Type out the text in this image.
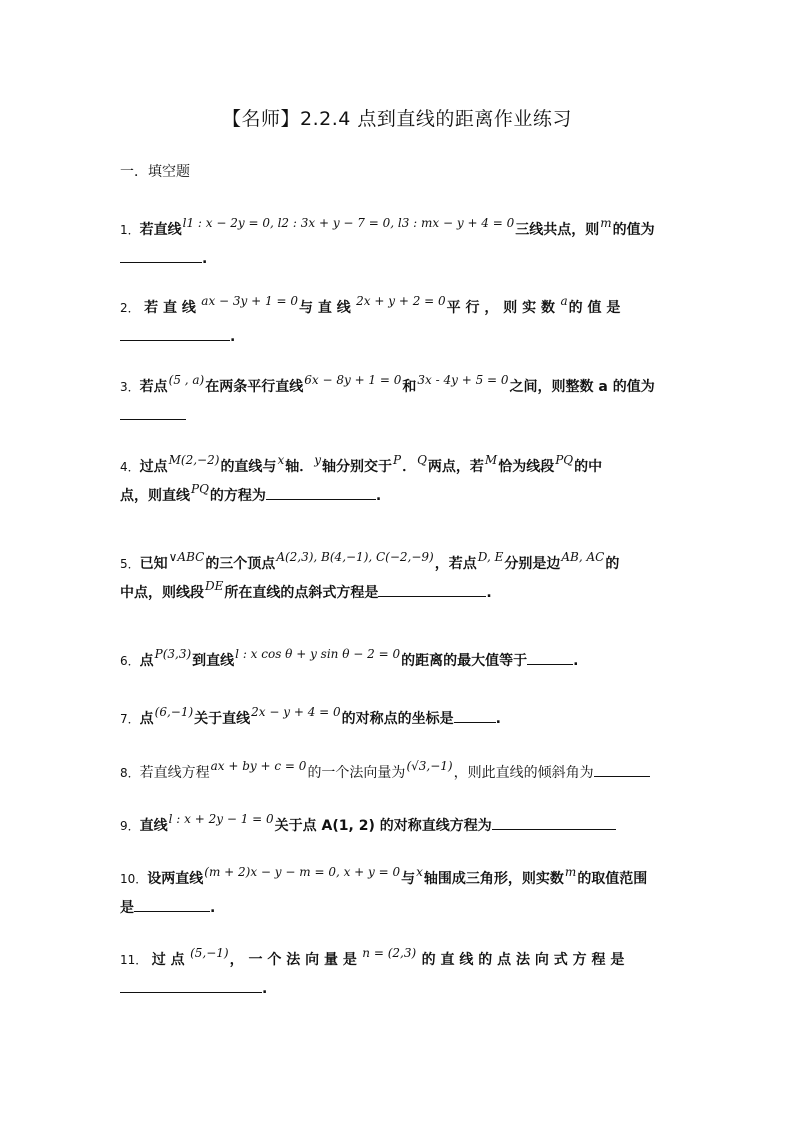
【名师】2.2.4 点到直线的距离作业练习
一．填空题
1．若直线l1 : x − 2y = 0, l2 : 3x + y − 7 = 0, l3 : mx − y + 4 = 0三线共点，则m的值为
.
2． 若 直 线 ax − 3y + 1 = 0与 直 线 2x + y + 2 = 0平 行 ， 则 实 数 a的 值 是
.
3．若点(5 , a)在两条平行直线6x − 8y + 1 = 0和3x - 4y + 5 = 0之间，则整数 a 的值为
4．过点M(2,−2)的直线与x轴．y轴分别交于P．Q两点，若M恰为线段PQ的中
点，则直线PQ的方程为	.
5．已知∨ABC的三个顶点A(2,3), B(4,−1), C(−2,−9)，若点D, E分别是边AB, AC的
中点，则线段DE所在直线的点斜式方程是	.
6．点P(3,3)到直线l : x cos θ + y sin θ − 2 = 0的距离的最大值等于	.
7．点(6,−1)关于直线2x − y + 4 = 0的对称点的坐标是	.
8．若直线方程ax + by + c = 0的一个法向量为(√3,−1)，则此直线的倾斜角为
9．直线l : x + 2y − 1 = 0关于点 A(1, 2) 的对称直线方程为
10．设两直线(m + 2)x − y − m = 0, x + y = 0与x轴围成三角形，则实数m的取值范围
是	.
11． 过 点 (5,−1)， 一 个 法 向 量 是 n = (2,3) 的 直 线 的 点 法 向 式 方 程 是
.
